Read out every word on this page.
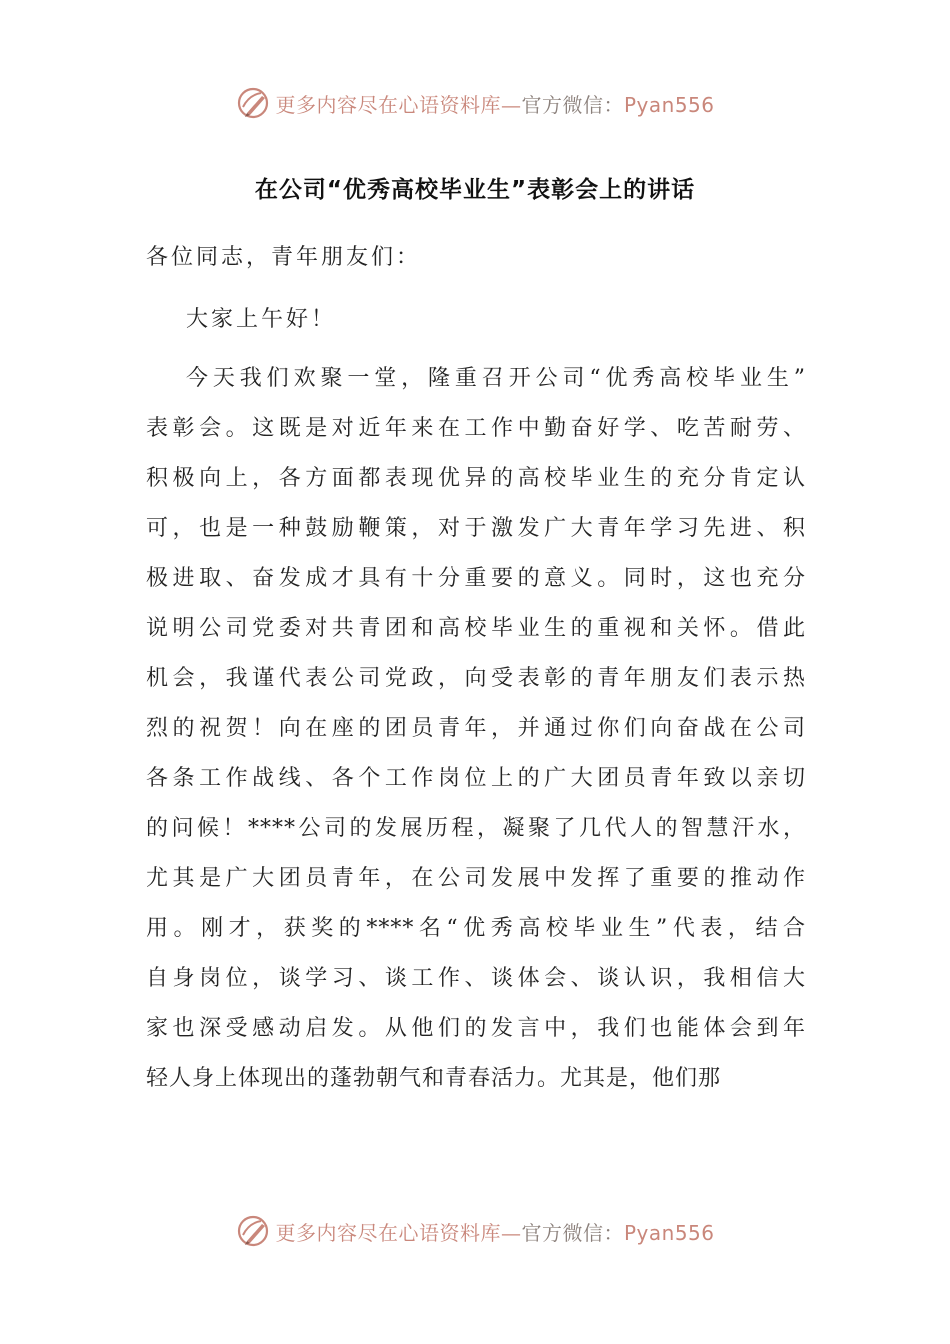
更多内容尽在心语资料库—官方微信：Pyan556
在公司“优秀高校毕业生”表彰会上的讲话
各位同志，青年朋友们：
大家上午好！
今天我们欢聚一堂，隆重召开公司“优秀高校毕业生”
表彰会。这既是对近年来在工作中勤奋好学、吃苦耐劳、
积极向上，各方面都表现优异的高校毕业生的充分肯定认
可，也是一种鼓励鞭策，对于激发广大青年学习先进、积
极进取、奋发成才具有十分重要的意义。同时，这也充分
说明公司党委对共青团和高校毕业生的重视和关怀。借此
机会，我谨代表公司党政，向受表彰的青年朋友们表示热
烈的祝贺！向在座的团员青年，并通过你们向奋战在公司
各条工作战线、各个工作岗位上的广大团员青年致以亲切
的问候！****公司的发展历程，凝聚了几代人的智慧汗水，
尤其是广大团员青年，在公司发展中发挥了重要的推动作
用。刚才，获奖的****名“优秀高校毕业生”代表，结合
自身岗位，谈学习、谈工作、谈体会、谈认识，我相信大
家也深受感动启发。从他们的发言中，我们也能体会到年
轻人身上体现出的蓬勃朝气和青春活力。尤其是，他们那
更多内容尽在心语资料库—官方微信：Pyan556
